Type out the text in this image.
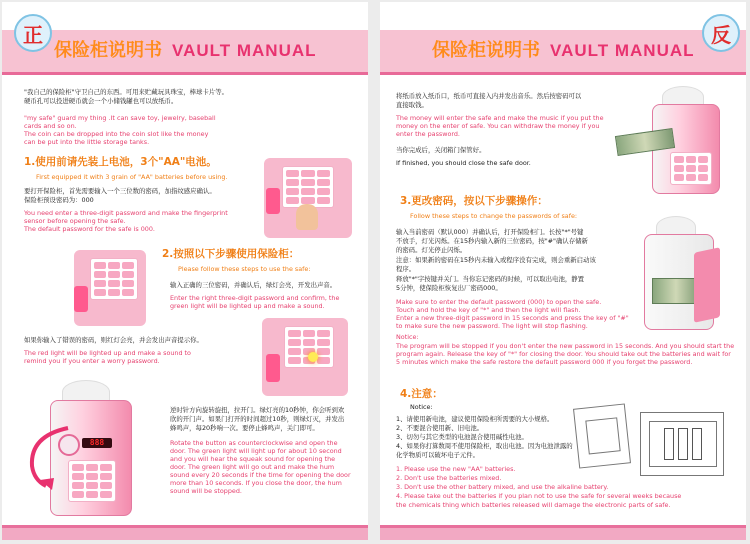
正
保险柜说明书 VAULT MANUAL

"我自己的保险柜"守卫自己的东西。可用来贮藏玩具珠宝，棒球卡片等。

硬币孔可以投进硬币就会一个小储钱罐也可以放纸币。

"my safe" guard my thing .It can save toy, jewelry, baseball

cards and so on.

The coin can be dropped into the coin slot like the money

can be put into the little storage tanks.

1.使用前请先装上电池，3个"AA"电池。

First equipped it with 3 grain of "AA" batteries before using.

要打开保险柜，首先需要输入一个三位数的密码，加指纹感应确认。

保险柜预设密码为：000

You need enter a three-digit password and make the fingerprint

sensor before opening the safe.

The default password for the safe is 000.

2.按照以下步骤使用保险柜：

Please follow these steps to use the safe:

输入正确的三位密码，并确认后，绿灯会亮，开发出声音。

Enter the right three-digit password and confirm, the

green light will be lighted up and make a sound.

如果你输入了错误的密码，则红灯会亮，并会发出声音提示你。

The red light will be lighted up and make a sound to

remind you if you enter a worry password.

888

逆时针方向旋转旋扭，拉开门。绿灯亮的10秒钟，你会听到欢

欣的开门声。如果门打开的时间超过10秒，则绿灯灭，并发出

蜂鸣声，每20秒响一次。要停止蜂鸣声，关门即可。

Rotate the button as counterclockwise and open the

door. The green light will light up for about 10 second

and you will hear the squeak sound for opening the

door. The green light will go out and make the hum

sound every 20 seconds if the time for opening the door

more than 10 seconds. If you close the door, the hum

sound will be stopped.

反
保险柜说明书 VAULT MANUAL

将纸币放入纸币口，纸币可直接入内并发出音乐。然后按密码可以

直接取钱。

The money will enter the safe and make the music if you put the

money on the enter of safe. You can withdraw the money if you

enter the password.

当你完成后，关闭箱门保管好。

If finished, you should close the safe door.

3.更改密码，按以下步骤操作：

Follow these steps to change the passwords of safe:

输入当前密码（默认000）并确认后，打开保险柜门。长按"*"号键

不放手，灯光闪烁。在15秒内输入新的三位密码，按"#"确认存储新

的密码。灯光停止闪烁。

注意：如果新的密码在15秒内未输入或程序没有完成，则会重新启动该

程序。

释放"*"字按键并关门。当你忘记密码的时候，可以取出电池，静置

5分钟，使保险柜恢复出厂密码000。

Make sure to enter the default password (000) to open the safe.

Touch and hold the key of "*" and then the light will flash.

Enter a new three-digit password in 15 seconds and press the key of "#"

to make sure the new password. The light will stop flashing.

Notice:

The program will be stopped if you don't enter the new password in 15 seconds. And you should start the

program again. Release the key of "*" for closing the door. You should take out the batteries and wait for

5 minutes which make the safe restore the default password 000 if you forget the password.

4.注意：

Notice:

1、请使用新电池，建议使用保险柜所需要的大小规格。

2、不要混合使用新、旧电池。

3、切勿与其它类型的电池混合使用碱性电池。

4、如果你打算数周不使用保险柜，取出电池。因为电池泄露的

化学物质可以破坏电子元件。

1. Please use the new "AA" batteries.

2. Don't use the batteries mixed.

3. Don't use the other battery mixed, and use the alkaline battery.

4. Please take out the batteries if you plan not to use the safe for several weeks because

the chemicals thing which batteries released will damage the electronic parts of safe.
